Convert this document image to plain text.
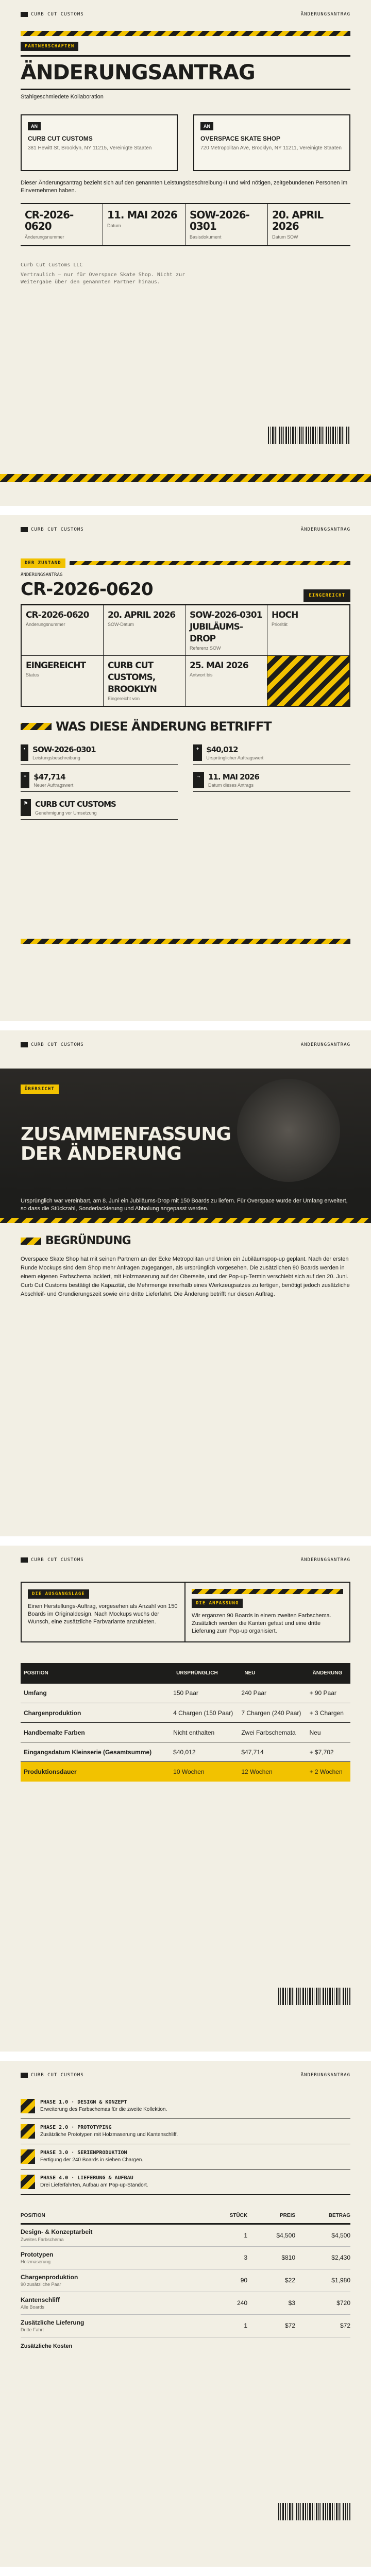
CURB CUT CUSTOMS	ÄNDERUNGSANTRAG
PARTNERSCHAFTEN
ÄNDERUNGSANTRAG
Stahlgeschmiedete Kollaboration
AN
CURB CUT CUSTOMS
381 Hewitt St, Brooklyn, NY 11215, Vereinigte Staaten
AN
OVERSPACE SKATE SHOP
720 Metropolitan Ave, Brooklyn, NY 11211, Vereinigte Staaten
Dieser Änderungsantrag bezieht sich auf den genannten Leistungsbeschreibung-II und wird nötigen, zeitgebundenen Personen im Einvernehmen haben.
CR-2026-0620
Änderungsnummer
11. MAI 2026
Datum
SOW-2026-0301
Basisdokument
20. APRIL 2026
Datum SOW
Curb Cut Customs LLC
Vertraulich — nur für Overspace Skate Shop. Nicht zur Weitergabe über den genannten Partner hinaus.
CURB CUT CUSTOMS	ÄNDERUNGSANTRAG
DER ZUSTAND
ÄNDERUNGSANTRAG
CR-2026-0620	EINGEREICHT
CR-2026-0620
Änderungsnummer
20. APRIL 2026
SOW-Datum
SOW-2026-0301 JUBILÄUMS-DROP
Referenz SOW
HOCH
Priorität
EINGEREICHT
Status
CURB CUT CUSTOMS, BROOKLYN
Eingereicht von
25. MAI 2026
Antwort bis
WAS DIESE ÄNDERUNG BETRIFFT
• SOW-2026-0301
Leistungsbeschreibung
+ $40,012
Ursprünglicher Auftragswert
= $47,714
Neuer Auftragswert
→ 11. MAI 2026
Datum dieses Antrags
⚑ CURB CUT CUSTOMS
Genehmigung vor Umsetzung
CURB CUT CUSTOMS	ÄNDERUNGSANTRAG
ÜBERSICHT
ZUSAMMENFASSUNG DER ÄNDERUNG
Ursprünglich war vereinbart, am 8. Juni ein Jubiläums-Drop mit 150 Boards zu liefern. Für Overspace wurde der Umfang erweitert, so dass die Stückzahl, Sonderlackierung und Abholung angepasst werden.
BEGRÜNDUNG
Overspace Skate Shop hat mit seinen Partnern an der Ecke Metropolitan und Union ein Jubiläumspop-up geplant. Nach der ersten Runde Mockups sind dem Shop mehr Anfragen zugegangen, als ursprünglich vorgesehen. Die zusätzlichen 90 Boards werden in einem eigenen Farbschema lackiert, mit Holzmaserung auf der Oberseite, und der Pop-up-Termin verschiebt sich auf den 20. Juni. Curb Cut Customs bestätigt die Kapazität, die Mehrmenge innerhalb eines Werkzeugsatzes zu fertigen, benötigt jedoch zusätzliche Abschleif- und Grundierungszeit sowie eine dritte Lieferfahrt. Die Änderung betrifft nur diesen Auftrag.
CURB CUT CUSTOMS	ÄNDERUNGSANTRAG
DIE AUSGANGSLAGE
Einen Herstellungs-Auftrag, vorgesehen als Anzahl von 150 Boards im Originaldesign. Nach Mockups wuchs der Wunsch, eine zusätzliche Farbvariante anzubieten.
DIE ANPASSUNG
Wir ergänzen 90 Boards in einem zweiten Farbschema. Zusätzlich werden die Kanten gefast und eine dritte Lieferung zum Pop-up organisiert.
POSITION	URSPRÜNGLICH	NEU	ÄNDERUNG
Umfang	150 Paar	240 Paar	+ 90 Paar
Chargenproduktion	4 Chargen (150 Paar)	7 Chargen (240 Paar)	+ 3 Chargen
Handbemalte Farben	Nicht enthalten	Zwei Farbschemata	Neu
Eingangsdatum Kleinserie (Gesamtsumme)	$40,012	$47,714	+ $7,702
Produktionsdauer	10 Wochen	12 Wochen	+ 2 Wochen
CURB CUT CUSTOMS	ÄNDERUNGSANTRAG
PHASE 1.0 · DESIGN & KONZEPT
Erweiterung des Farbschemas für die zweite Kollektion.
PHASE 2.0 · PROTOTYPING
Zusätzliche Prototypen mit Holzmaserung und Kantenschliff.
PHASE 3.0 · SERIENPRODUKTION
Fertigung der 240 Boards in sieben Chargen.
PHASE 4.0 · LIEFERUNG & AUFBAU
Drei Lieferfahrten, Aufbau am Pop-up-Standort.
POSITION	STÜCK	PREIS	BETRAG

Design- & Konzeptarbeit
Zweites Farbschema	1	$4,500	$4,500

Prototypen
Holzmaserung	3	$810	$2,430

Chargenproduktion
90 zusätzliche Paar	90	$22	$1,980

Kantenschliff
Alle Boards	240	$3	$720

Zusätzliche Lieferung
Dritte Fahrt	1	$72	$72
Zusätzliche Kosten
